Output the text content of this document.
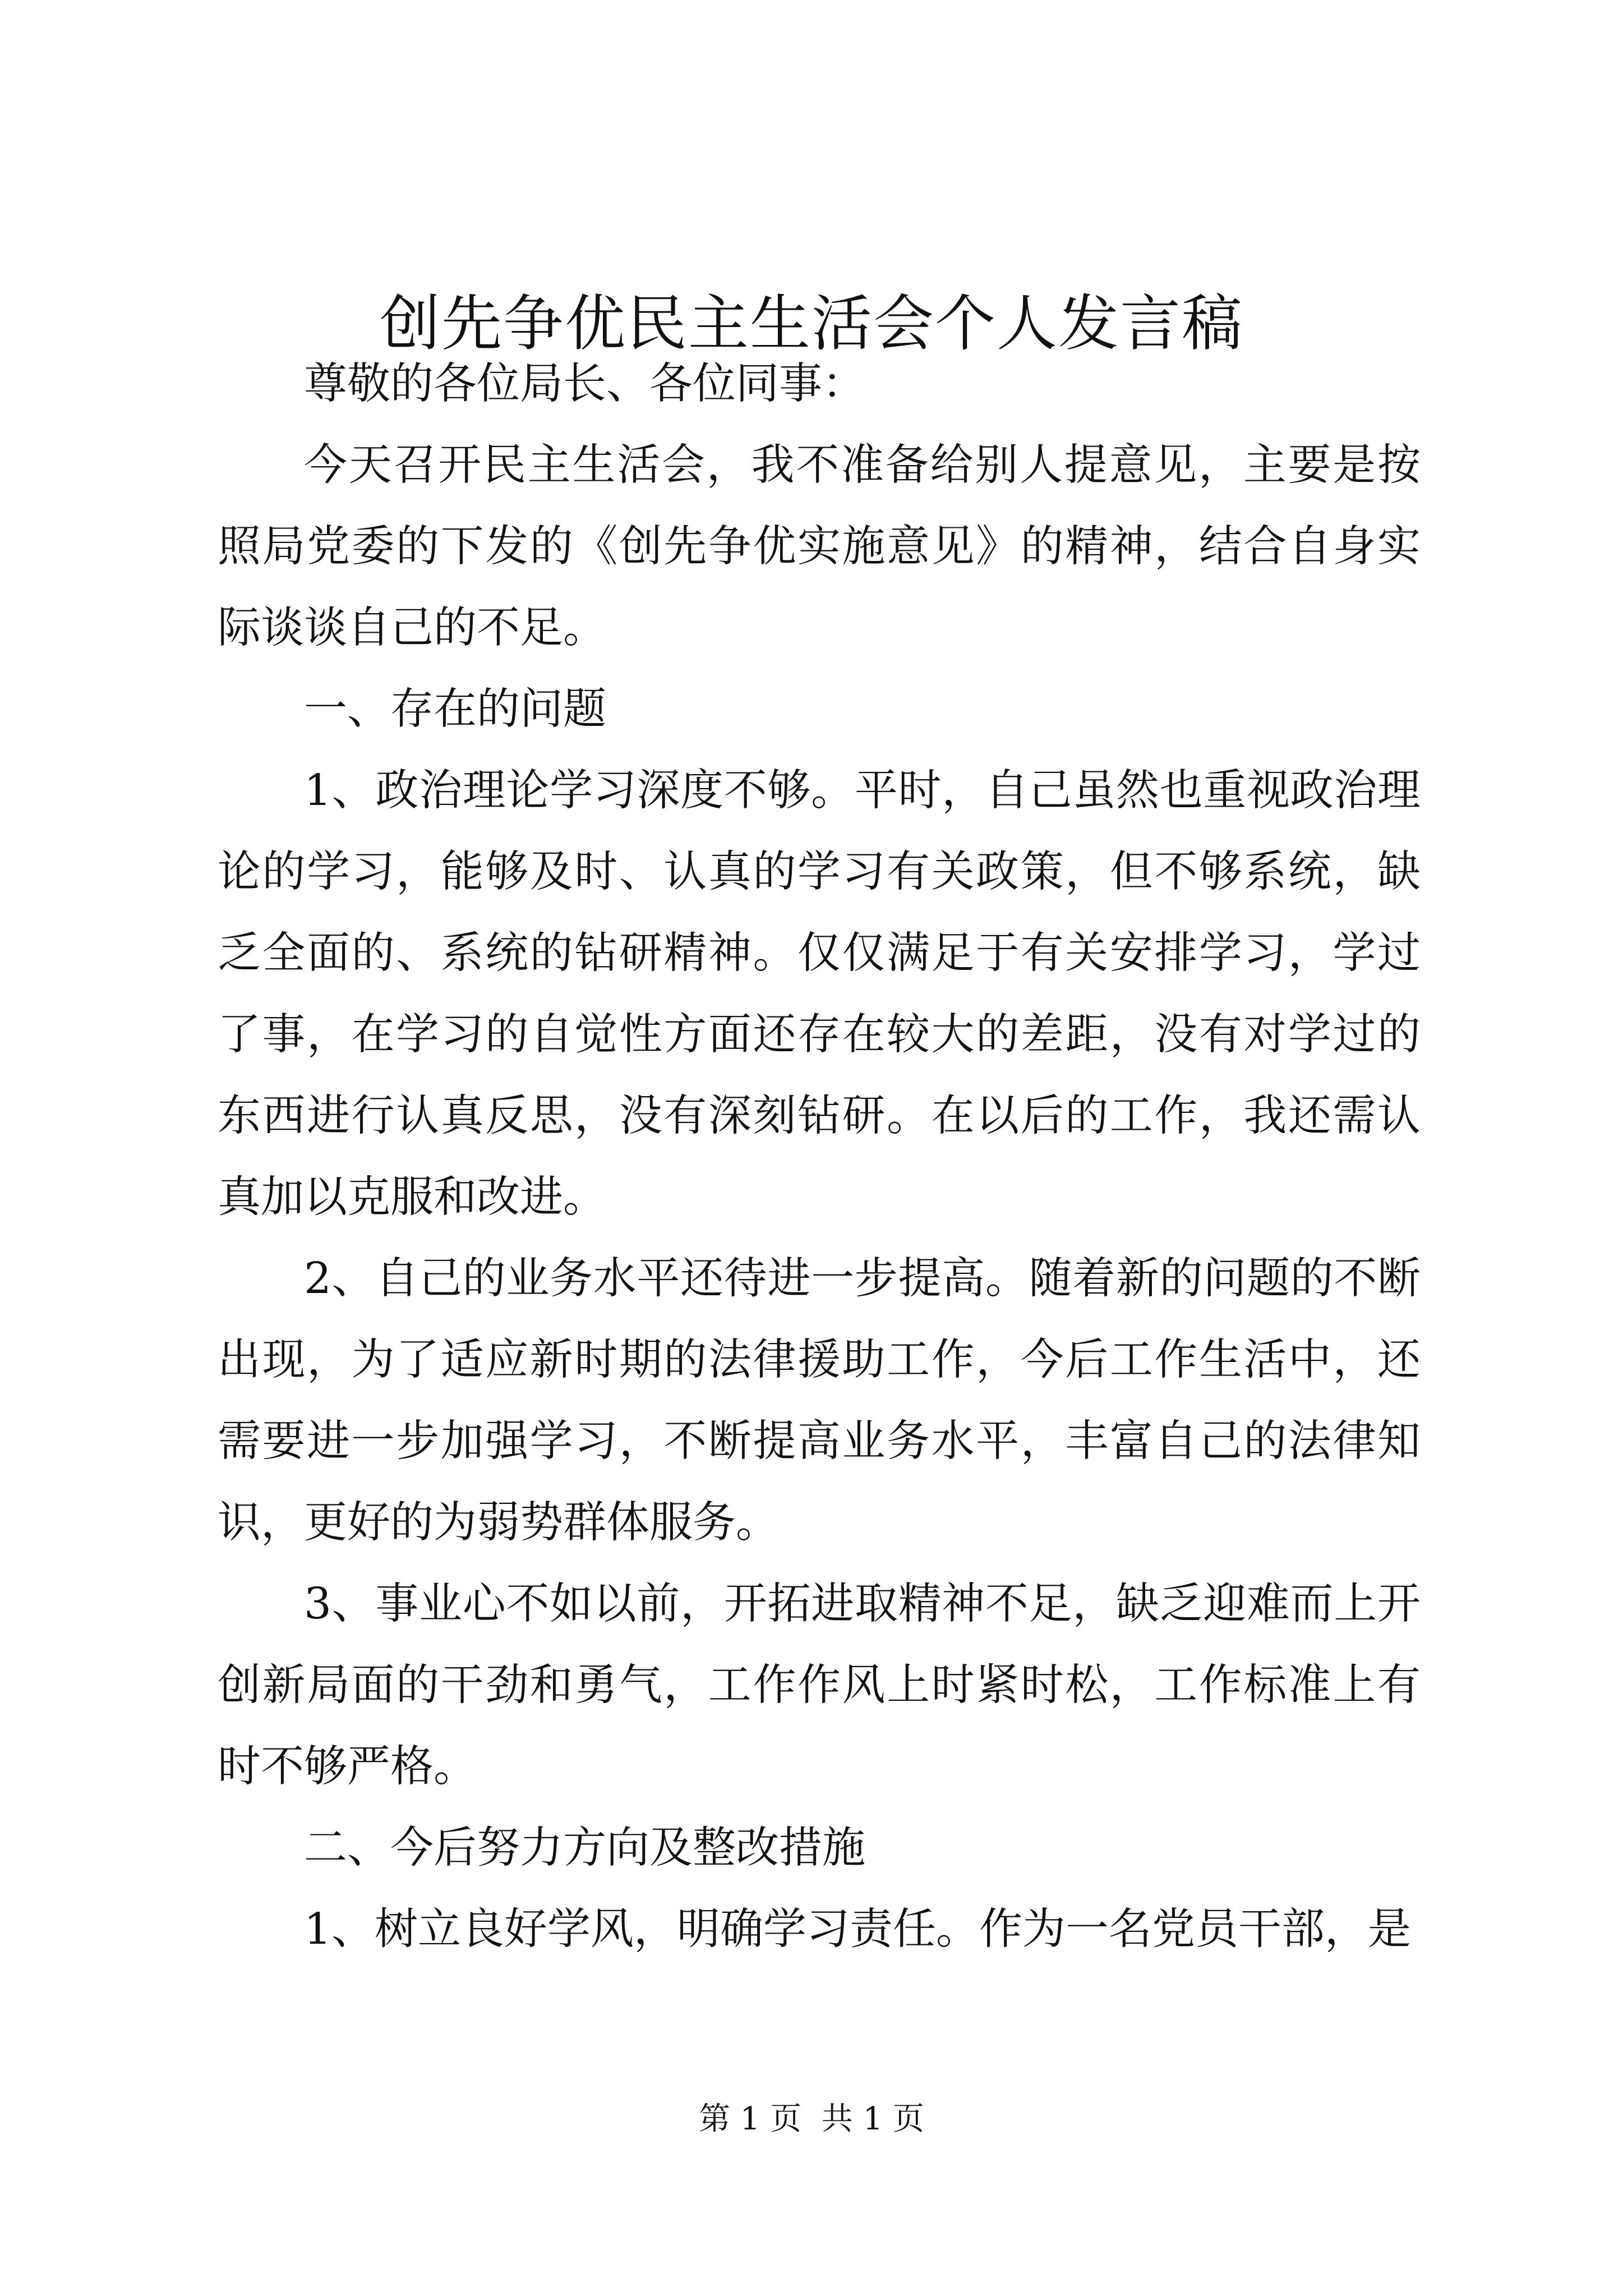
创先争优民主生活会个人发言稿

尊敬的各位局长、各位同事：

今天召开民主生活会，我不准备给别人提意见，主要是按照局党委的下发的《创先争优实施意见》的精神，结合自身实际谈谈自己的不足。

一、存在的问题

1、政治理论学习深度不够。平时，自己虽然也重视政治理论的学习，能够及时、认真的学习有关政策，但不够系统，缺乏全面的、系统的钻研精神。仅仅满足于有关安排学习，学过了事，在学习的自觉性方面还存在较大的差距，没有对学过的东西进行认真反思，没有深刻钻研。在以后的工作，我还需认真加以克服和改进。

2、自己的业务水平还待进一步提高。随着新的问题的不断出现，为了适应新时期的法律援助工作，今后工作生活中，还需要进一步加强学习，不断提高业务水平，丰富自己的法律知识，更好的为弱势群体服务。

3、事业心不如以前，开拓进取精神不足，缺乏迎难而上开创新局面的干劲和勇气，工作作风上时紧时松，工作标准上有时不够严格。

二、今后努力方向及整改措施

1、树立良好学风，明确学习责任。作为一名党员干部，是

第 1 页  共 1 页
